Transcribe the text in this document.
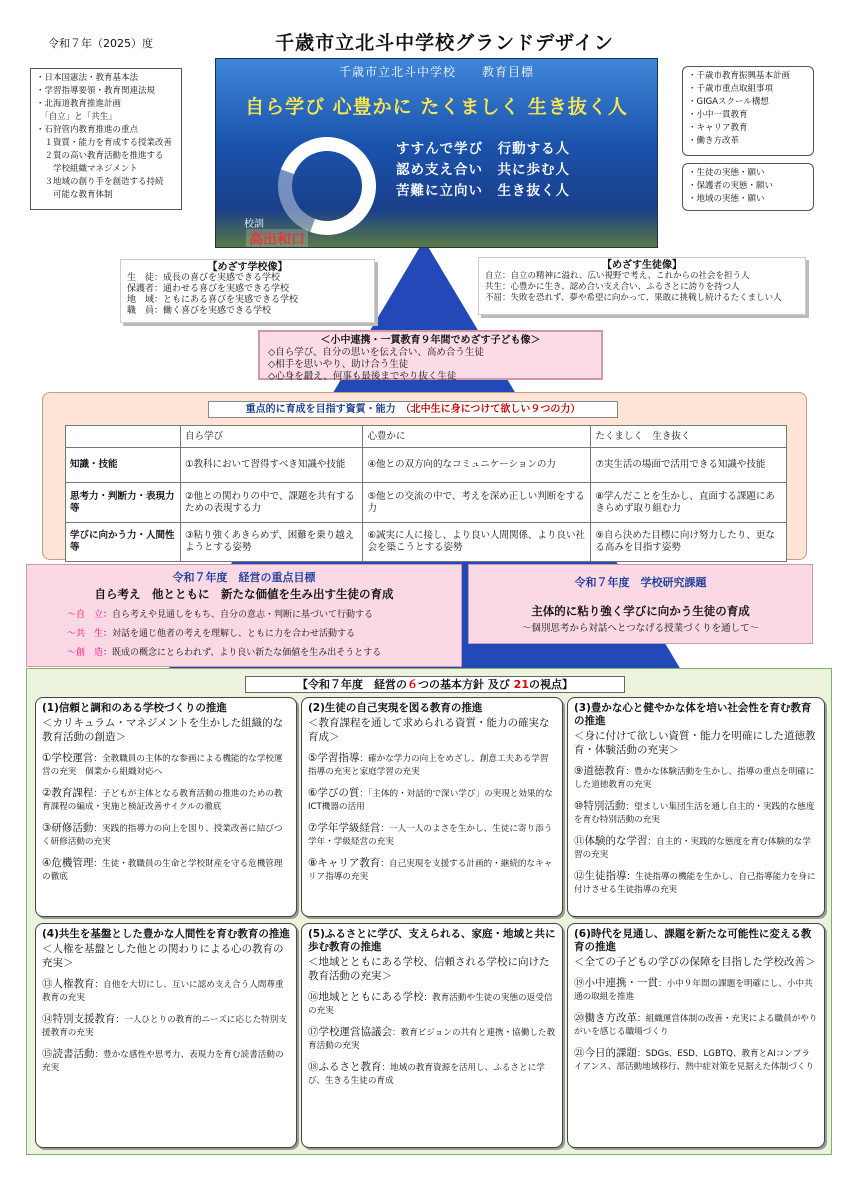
令和７年（2025）度	千歳市立北斗中学校グランドデザイン
・日本国憲法・教育基本法
・学習指導要領・教育関連法規
・北海道教育推進計画
　「自立」と「共生」
・石狩管内教育推進の重点
　１資質・能力を育成する授業改善
　２質の高い教育活動を推進する
　　学校組織マネジメント
　３地域の創り手を創造する持続
　　可能な教育体制
・千歳市教育振興基本計画
・千歳市重点取組事項
・GIGAスクール構想
・小中一貫教育
・キャリア教育
・働き方改革
・生徒の実態・願い
・保護者の実態・願い
・地域の実態・願い
千歳市立北斗中学校　　教育目標
自ら学び 心豊かに たくましく 生き抜く人
すすんで学び　行動する人
認め支え合い　共に歩む人
苦難に立向い　生き抜く人
校訓
高出和口
【めざす学校像】
生　徒：成長の喜びを実感できる学校
保護者：通わせる喜びを実感できる学校
地　域：ともにある喜びを実感できる学校
職　員：働く喜びを実感できる学校
【めざす生徒像】
自立：自立の精神に溢れ、広い視野で考え、これからの社会を担う人
共生：心豊かに生き、認め合い支え合い、ふるさとに誇りを持つ人
不屈：失敗を恐れず、夢や希望に向かって、果敢に挑戦し続けるたくましい人
＜小中連携・一貫教育９年間でめざす子ども像＞
◇自ら学び、自分の思いを伝え合い、高め合う生徒
◇相手を思いやり、助け合う生徒
◇心身を鍛え、何事も最後までやり抜く生徒
重点的に育成を目指す資質・能力　 （北中生に身につけて欲しい９つの力）
	自ら学び	心豊かに	たくましく　生き抜く
知識・技能	①教科において習得すべき知識や技能	④他との双方向的なコミュニケーションの力	⑦実生活の場面で活用できる知識や技能
思考力・判断力・表現力等	②他との関わりの中で、課題を共有するための表現する力	⑤他との交流の中で、考えを深め正しい判断をする力	⑧学んだことを生かし、直面する課題にあきらめず取り組む力
学びに向かう力・人間性等	③粘り強くあきらめず、困難を乗り越えようとする姿勢	⑥誠実に人に接し、より良い人間関係、より良い社会を築こうとする姿勢	⑨自ら決めた目標に向け努力したり、更なる高みを目指す姿勢
令和７年度　経営の重点目標
自ら考え　他とともに　新たな価値を生み出す生徒の育成
〜自　立：自ら考えや見通しをもち、自分の意志・判断に基づいて行動する
〜共　生：対話を通じ他者の考えを理解し、ともに力を合わせ活動する
〜創　造：既成の概念にとらわれず、より良い新たな価値を生み出そうとする
令和７年度　学校研究課題
主体的に粘り強く学びに向かう生徒の育成
〜個別思考から対話へとつなげる授業づくりを通して〜
【令和７年度　経営の６つの基本方針 及び 21の視点】
(1)信頼と調和のある学校づくりの推進
＜カリキュラム・マネジメントを生かした組織的な教育活動の創造＞
①学校運営：全教職員の主体的な参画による機能的な学校運営の充実　個業から組織対応へ
②教育課程：子どもが主体となる教育活動の推進のための教育課程の編成・実施と検証改善サイクルの徹底
③研修活動：実践的指導力の向上を図り、授業改善に結びつく研修活動の充実
④危機管理：生徒・教職員の生命と学校財産を守る危機管理の徹底
(2)生徒の自己実現を図る教育の推進
＜教育課程を通して求められる資質・能力の確実な育成＞
⑤学習指導：確かな学力の向上をめざし、創意工夫ある学習指導の充実と家庭学習の充実
⑥学びの質：「主体的・対話的で深い学び」の実現と効果的なICT機器の活用
⑦学年学級経営：一人一人のよさを生かし、生徒に寄り添う学年・学級経営の充実
⑧キャリア教育：自己実現を支援する計画的・継続的なキャリア指導の充実
(3)豊かな心と健やかな体を培い社会性を育む教育の推進
＜身に付けて欲しい資質・能力を明確にした道徳教育・体験活動の充実＞
⑨道徳教育：豊かな体験活動を生かし、指導の重点を明確にした道徳教育の充実
⑩特別活動：望ましい集団生活を通し自主的・実践的な態度を育む特別活動の充実
⑪体験的な学習：自主的・実践的な態度を育む体験的な学習の充実
⑫生徒指導：生徒指導の機能を生かし、自己指導能力を身に付けさせる生徒指導の充実
(4)共生を基盤とした豊かな人間性を育む教育の推進
＜人権を基盤とした他との関わりによる心の教育の充実＞
⑬人権教育：自他を大切にし、互いに認め支え合う人間尊重教育の充実
⑭特別支援教育：一人ひとりの教育的ニーズに応じた特別支援教育の充実
⑮読書活動：豊かな感性や思考力、表現力を育む読書活動の充実
(5)ふるさとに学び、支えられる、家庭・地域と共に歩む教育の推進
＜地域とともにある学校、信頼される学校に向けた教育活動の充実＞
⑯地域とともにある学校：教育活動や生徒の実態の返受信の充実
⑰学校運営協議会：教育ビジョンの共有と連携・協働した教育活動の充実
⑱ふるさと教育：地域の教育資源を活用し、ふるさとに学び、生きる生徒の育成
(6)時代を見通し、課題を新たな可能性に変える教育の推進
＜全ての子どもの学びの保障を目指した学校改善＞
⑲小中連携・一貫：小中９年間の課題を明確にし、小中共通の取組を推進
⑳働き方改革：組織運営体制の改善・充実による職員がやりがいを感じる職場づくり
㉑今日的課題：SDGs、ESD、LGBTQ、教育とAIコンプライアンス、部活動地域移行、熱中症対策を見据えた体制づくり
